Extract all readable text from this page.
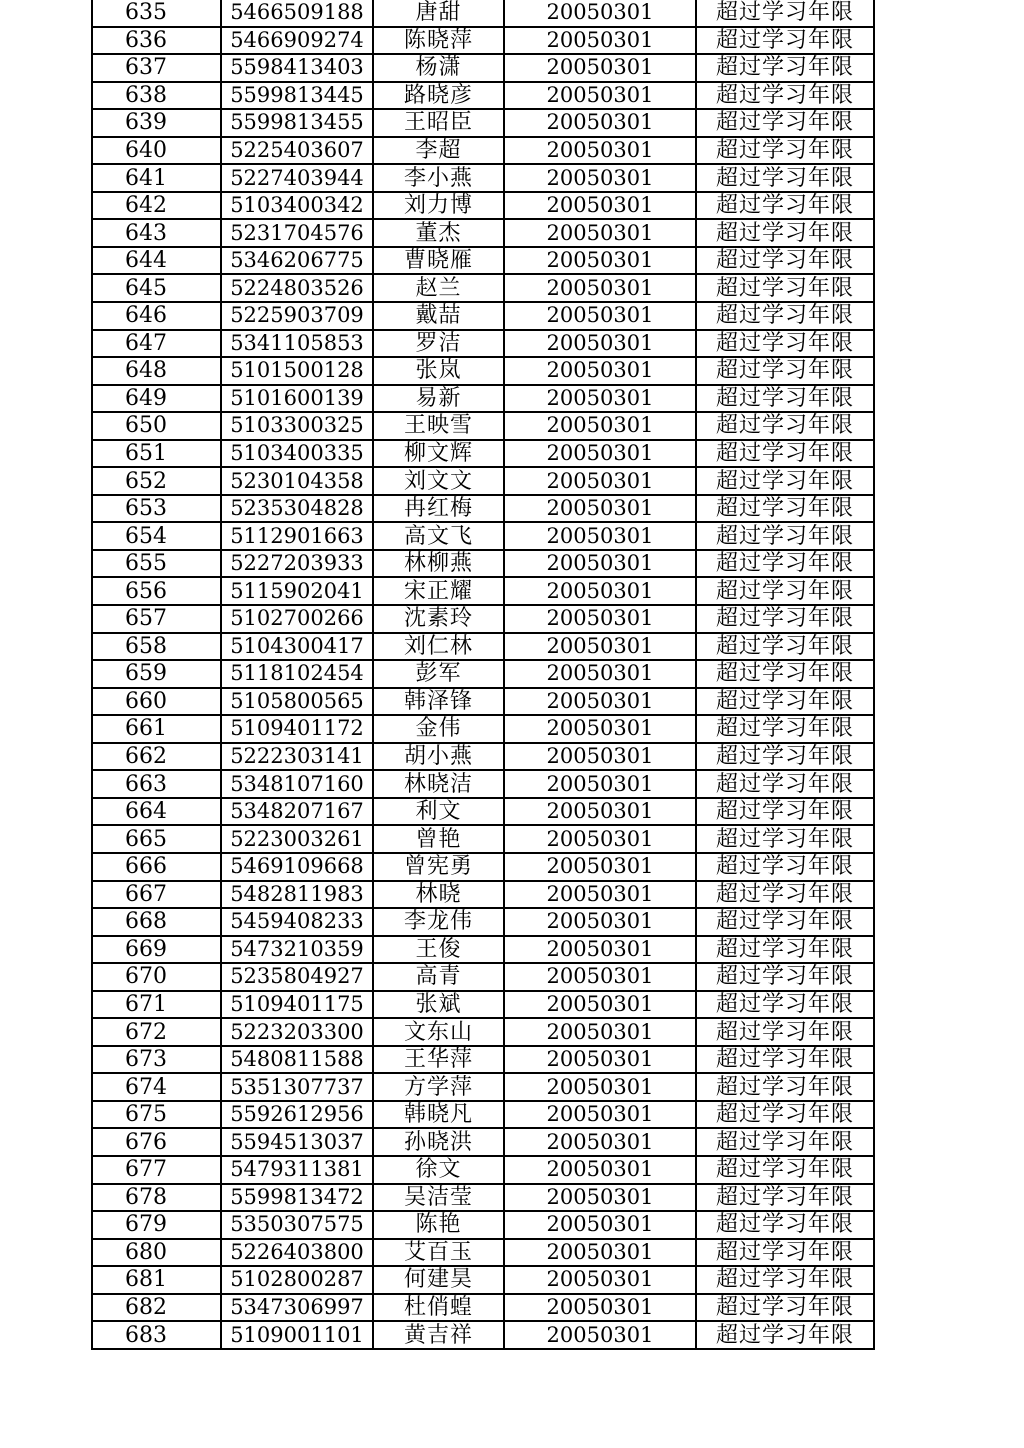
635	5466509188	唐甜	20050301	超过学习年限
636	5466909274	陈晓萍	20050301	超过学习年限
637	5598413403	杨潇	20050301	超过学习年限
638	5599813445	路晓彦	20050301	超过学习年限
639	5599813455	王昭臣	20050301	超过学习年限
640	5225403607	李超	20050301	超过学习年限
641	5227403944	李小燕	20050301	超过学习年限
642	5103400342	刘力博	20050301	超过学习年限
643	5231704576	董杰	20050301	超过学习年限
644	5346206775	曹晓雁	20050301	超过学习年限
645	5224803526	赵兰	20050301	超过学习年限
646	5225903709	戴喆	20050301	超过学习年限
647	5341105853	罗洁	20050301	超过学习年限
648	5101500128	张岚	20050301	超过学习年限
649	5101600139	易新	20050301	超过学习年限
650	5103300325	王映雪	20050301	超过学习年限
651	5103400335	柳文辉	20050301	超过学习年限
652	5230104358	刘文文	20050301	超过学习年限
653	5235304828	冉红梅	20050301	超过学习年限
654	5112901663	高文飞	20050301	超过学习年限
655	5227203933	林柳燕	20050301	超过学习年限
656	5115902041	宋正耀	20050301	超过学习年限
657	5102700266	沈素玲	20050301	超过学习年限
658	5104300417	刘仁林	20050301	超过学习年限
659	5118102454	彭军	20050301	超过学习年限
660	5105800565	韩泽锋	20050301	超过学习年限
661	5109401172	金伟	20050301	超过学习年限
662	5222303141	胡小燕	20050301	超过学习年限
663	5348107160	林晓洁	20050301	超过学习年限
664	5348207167	利文	20050301	超过学习年限
665	5223003261	曾艳	20050301	超过学习年限
666	5469109668	曾宪勇	20050301	超过学习年限
667	5482811983	林晓	20050301	超过学习年限
668	5459408233	李龙伟	20050301	超过学习年限
669	5473210359	王俊	20050301	超过学习年限
670	5235804927	高青	20050301	超过学习年限
671	5109401175	张斌	20050301	超过学习年限
672	5223203300	文东山	20050301	超过学习年限
673	5480811588	王华萍	20050301	超过学习年限
674	5351307737	方学萍	20050301	超过学习年限
675	5592612956	韩晓凡	20050301	超过学习年限
676	5594513037	孙晓洪	20050301	超过学习年限
677	5479311381	徐文	20050301	超过学习年限
678	5599813472	吴洁莹	20050301	超过学习年限
679	5350307575	陈艳	20050301	超过学习年限
680	5226403800	艾百玉	20050301	超过学习年限
681	5102800287	何建昊	20050301	超过学习年限
682	5347306997	杜俏蝗	20050301	超过学习年限
683	5109001101	黄吉祥	20050301	超过学习年限
